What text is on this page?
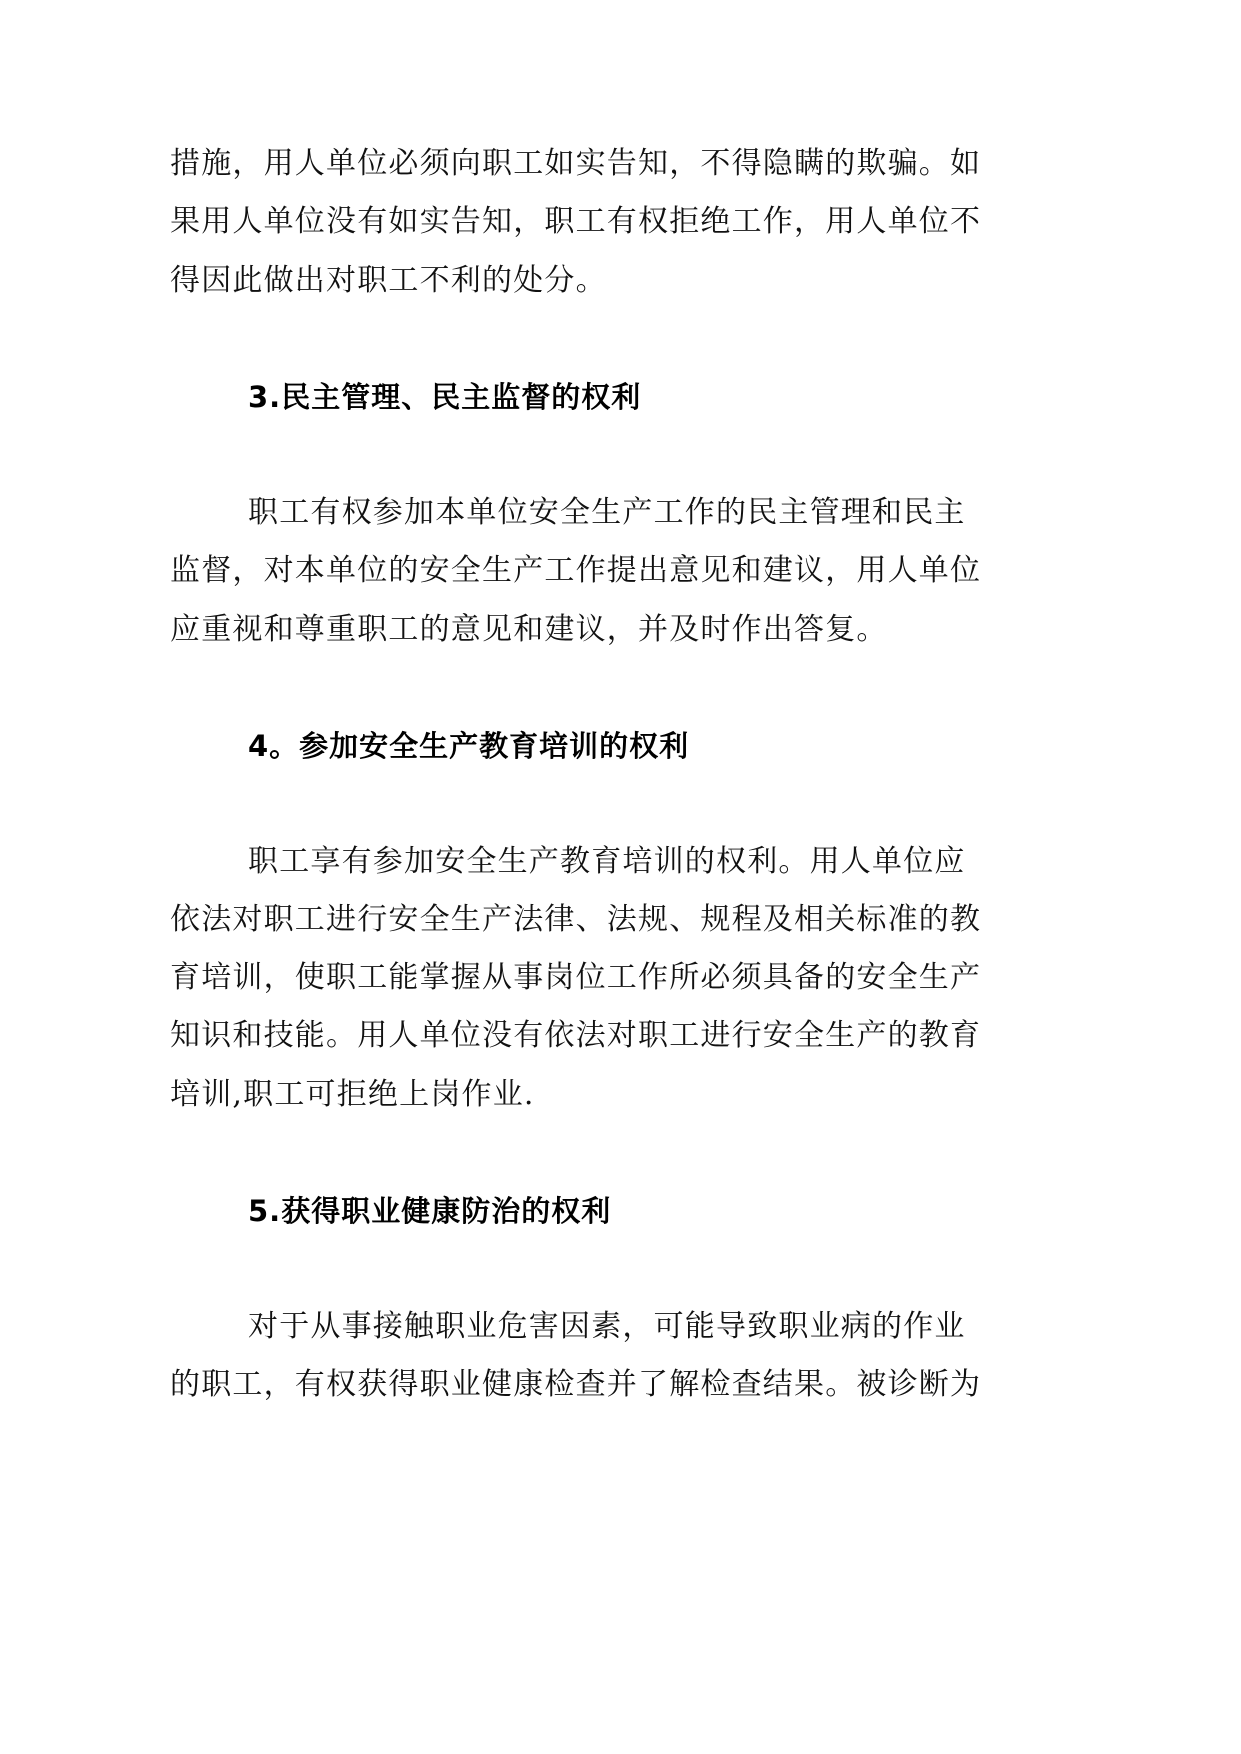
措施，用人单位必须向职工如实告知，不得隐瞒的欺骗。如
果用人单位没有如实告知，职工有权拒绝工作，用人单位不
得因此做出对职工不利的处分。
3.民主管理、民主监督的权利
职工有权参加本单位安全生产工作的民主管理和民主
监督，对本单位的安全生产工作提出意见和建议，用人单位
应重视和尊重职工的意见和建议，并及时作出答复。
4。参加安全生产教育培训的权利
职工享有参加安全生产教育培训的权利。用人单位应
依法对职工进行安全生产法律、法规、规程及相关标准的教
育培训，使职工能掌握从事岗位工作所必须具备的安全生产
知识和技能。用人单位没有依法对职工进行安全生产的教育
培训,职工可拒绝上岗作业.
5.获得职业健康防治的权利
对于从事接触职业危害因素，可能导致职业病的作业
的职工，有权获得职业健康检查并了解检查结果。被诊断为
